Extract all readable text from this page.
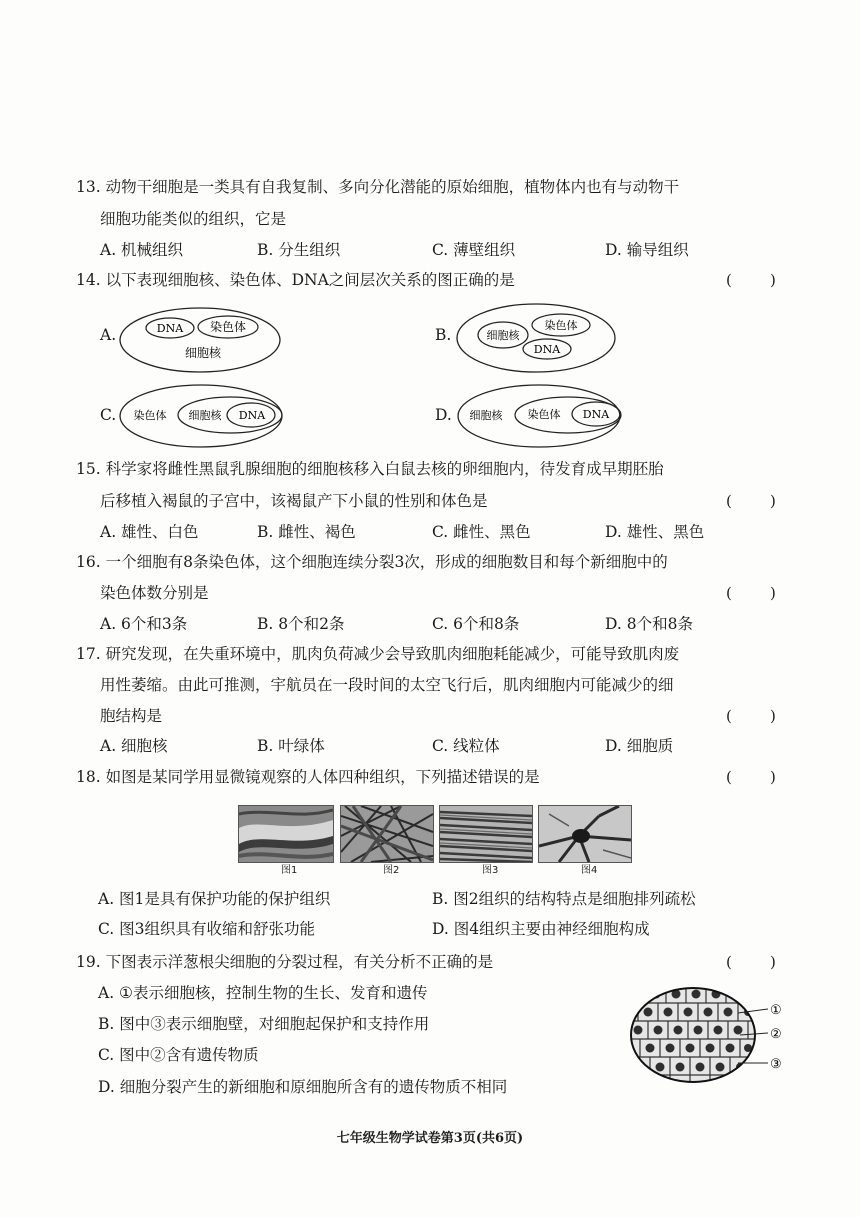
13. 动物干细胞是一类具有自我复制、多向分化潜能的原始细胞，植物体内也有与动物干
细胞功能类似的组织，它是
A. 机械组织	B. 分生组织	C. 薄壁组织	D. 输导组织
14. 以下表现细胞核、染色体、DNA之间层次关系的图正确的是	(        )
A.	DNA 染色体
细胞核
B.	细胞核
染色体
DNA
C. 染色体 细胞核 DNA	D. 细胞核 染色体 DNA
15. 科学家将雌性黑鼠乳腺细胞的细胞核移入白鼠去核的卵细胞内，待发育成早期胚胎
后移植入褐鼠的子宫中，该褐鼠产下小鼠的性别和体色是	(        )
A. 雄性、白色	B. 雌性、褐色	C. 雌性、黑色	D. 雄性、黑色
16. 一个细胞有8条染色体，这个细胞连续分裂3次，形成的细胞数目和每个新细胞中的
染色体数分别是	(        )
A. 6个和3条	B. 8个和2条	C. 6个和8条	D. 8个和8条
17. 研究发现，在失重环境中，肌肉负荷减少会导致肌肉细胞耗能减少，可能导致肌肉废
用性萎缩。由此可推测，宇航员在一段时间的太空飞行后，肌肉细胞内可能减少的细
胞结构是	(        )
A. 细胞核	B. 叶绿体	C. 线粒体	D. 细胞质
18. 如图是某同学用显微镜观察的人体四种组织，下列描述错误的是	(        )
图1	图2	图3	图4
A. 图1是具有保护功能的保护组织	B. 图2组织的结构特点是细胞排列疏松
C. 图3组织具有收缩和舒张功能	D. 图4组织主要由神经细胞构成
19. 下图表示洋葱根尖细胞的分裂过程，有关分析不正确的是	(        )
A. ①表示细胞核，控制生物的生长、发育和遗传
B. 图中③表示细胞壁，对细胞起保护和支持作用
C. 图中②含有遗传物质
D. 细胞分裂产生的新细胞和原细胞所含有的遗传物质不相同
①
②
③
七年级生物学试卷第3页(共6页)
